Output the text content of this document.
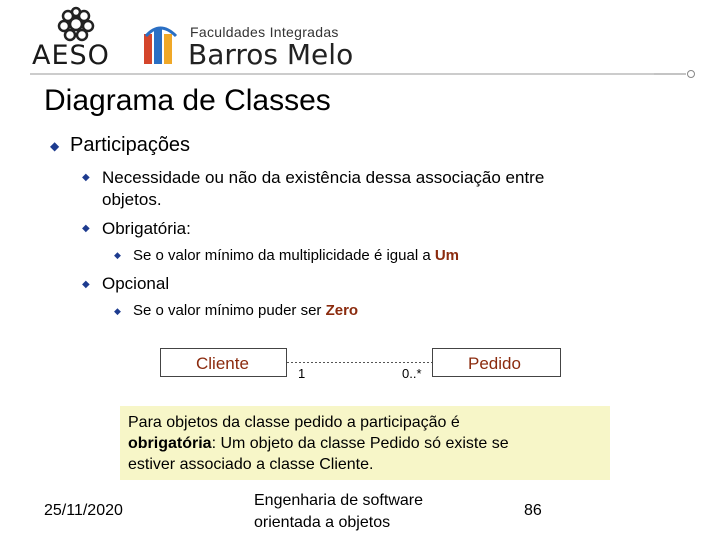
AESO
Faculdades Integradas
Barros Melo
Diagrama de Classes
◆ Participações
◆ Necessidade ou não da existência dessa associação entre
objetos.
◆ Obrigatória:
◆ Se o valor mínimo da multiplicidade é igual a Um
◆ Opcional
◆ Se o valor mínimo puder ser Zero
Cliente	Pedido
1	0..*
Para objetos da classe pedido a participação é
obrigatória: Um objeto da classe Pedido só existe se
estiver associado a classe Cliente.
25/11/2020
Engenharia de software
orientada a objetos
86
